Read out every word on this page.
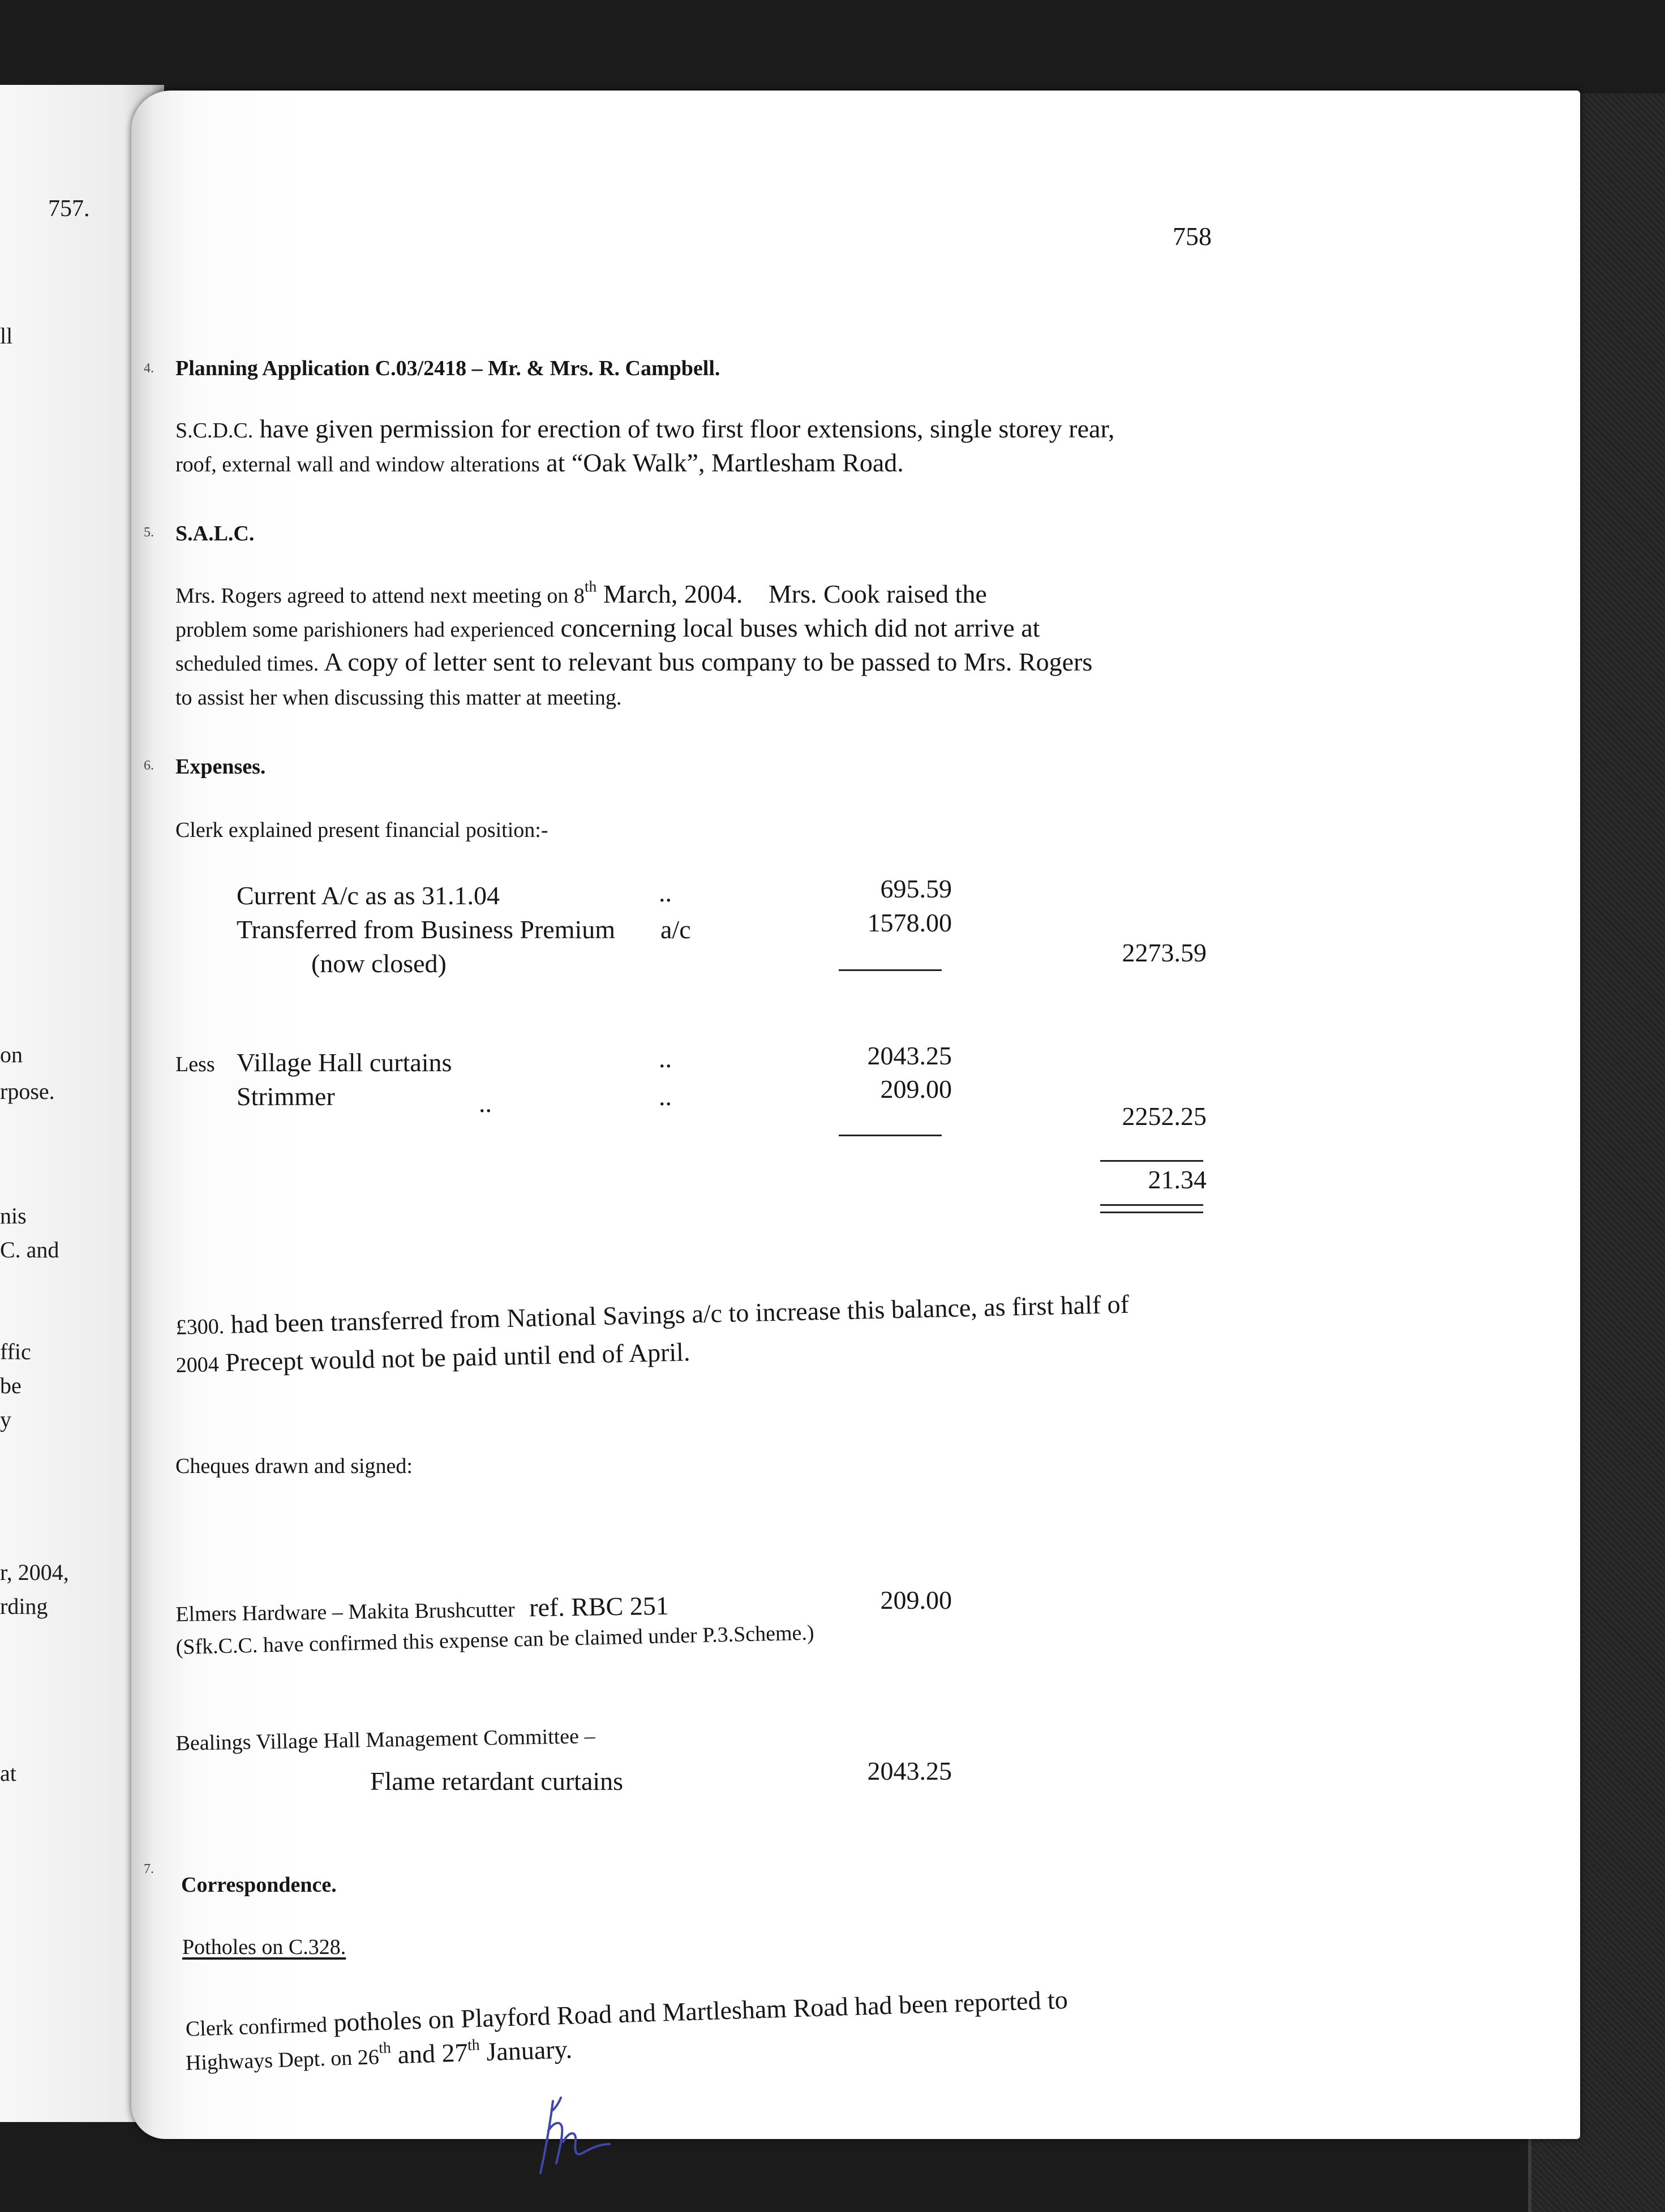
757.
ll
on
rpose.
nis
C. and
ffic
be
y
r, 2004,
rding
at
758
4. Planning Application C.03/2418 – Mr. & Mrs. R. Campbell.
S.C.D.C. have given permission for erection of two first floor extensions, single storey rear,
roof, external wall and window alterations at “Oak Walk”, Martlesham Road.
5. S.A.L.C.
Mrs. Rogers agreed to attend next meeting on 8th March, 2004. Mrs. Cook raised the
problem some parishioners had experienced concerning local buses which did not arrive at
scheduled times. A copy of letter sent to relevant bus company to be passed to Mrs. Rogers
to assist her when discussing this matter at meeting.
6. Expenses.
Clerk explained present financial position:-
Current A/c as as 31.1.04	..	695.59
Transferred from Business Premium a/c	1578.00
(now closed)	2273.59
Less Village Hall curtains	..	2043.25
Strimmer	..	..	209.00
2252.25
21.34
£300. had been transferred from National Savings a/c to increase this balance, as first half of
2004 Precept would not be paid until end of April.
Cheques drawn and signed:
Elmers Hardware – Makita Brushcutter ref. RBC 251	209.00
(Sfk.C.C. have confirmed this expense can be claimed under P.3.Scheme.)
Bealings Village Hall Management Committee –
Flame retardant curtains	2043.25
7.
Correspondence.
Potholes on C.328.
Clerk confirmed potholes on Playford Road and Martlesham Road had been reported to
Highways Dept. on 26th and 27th January.
